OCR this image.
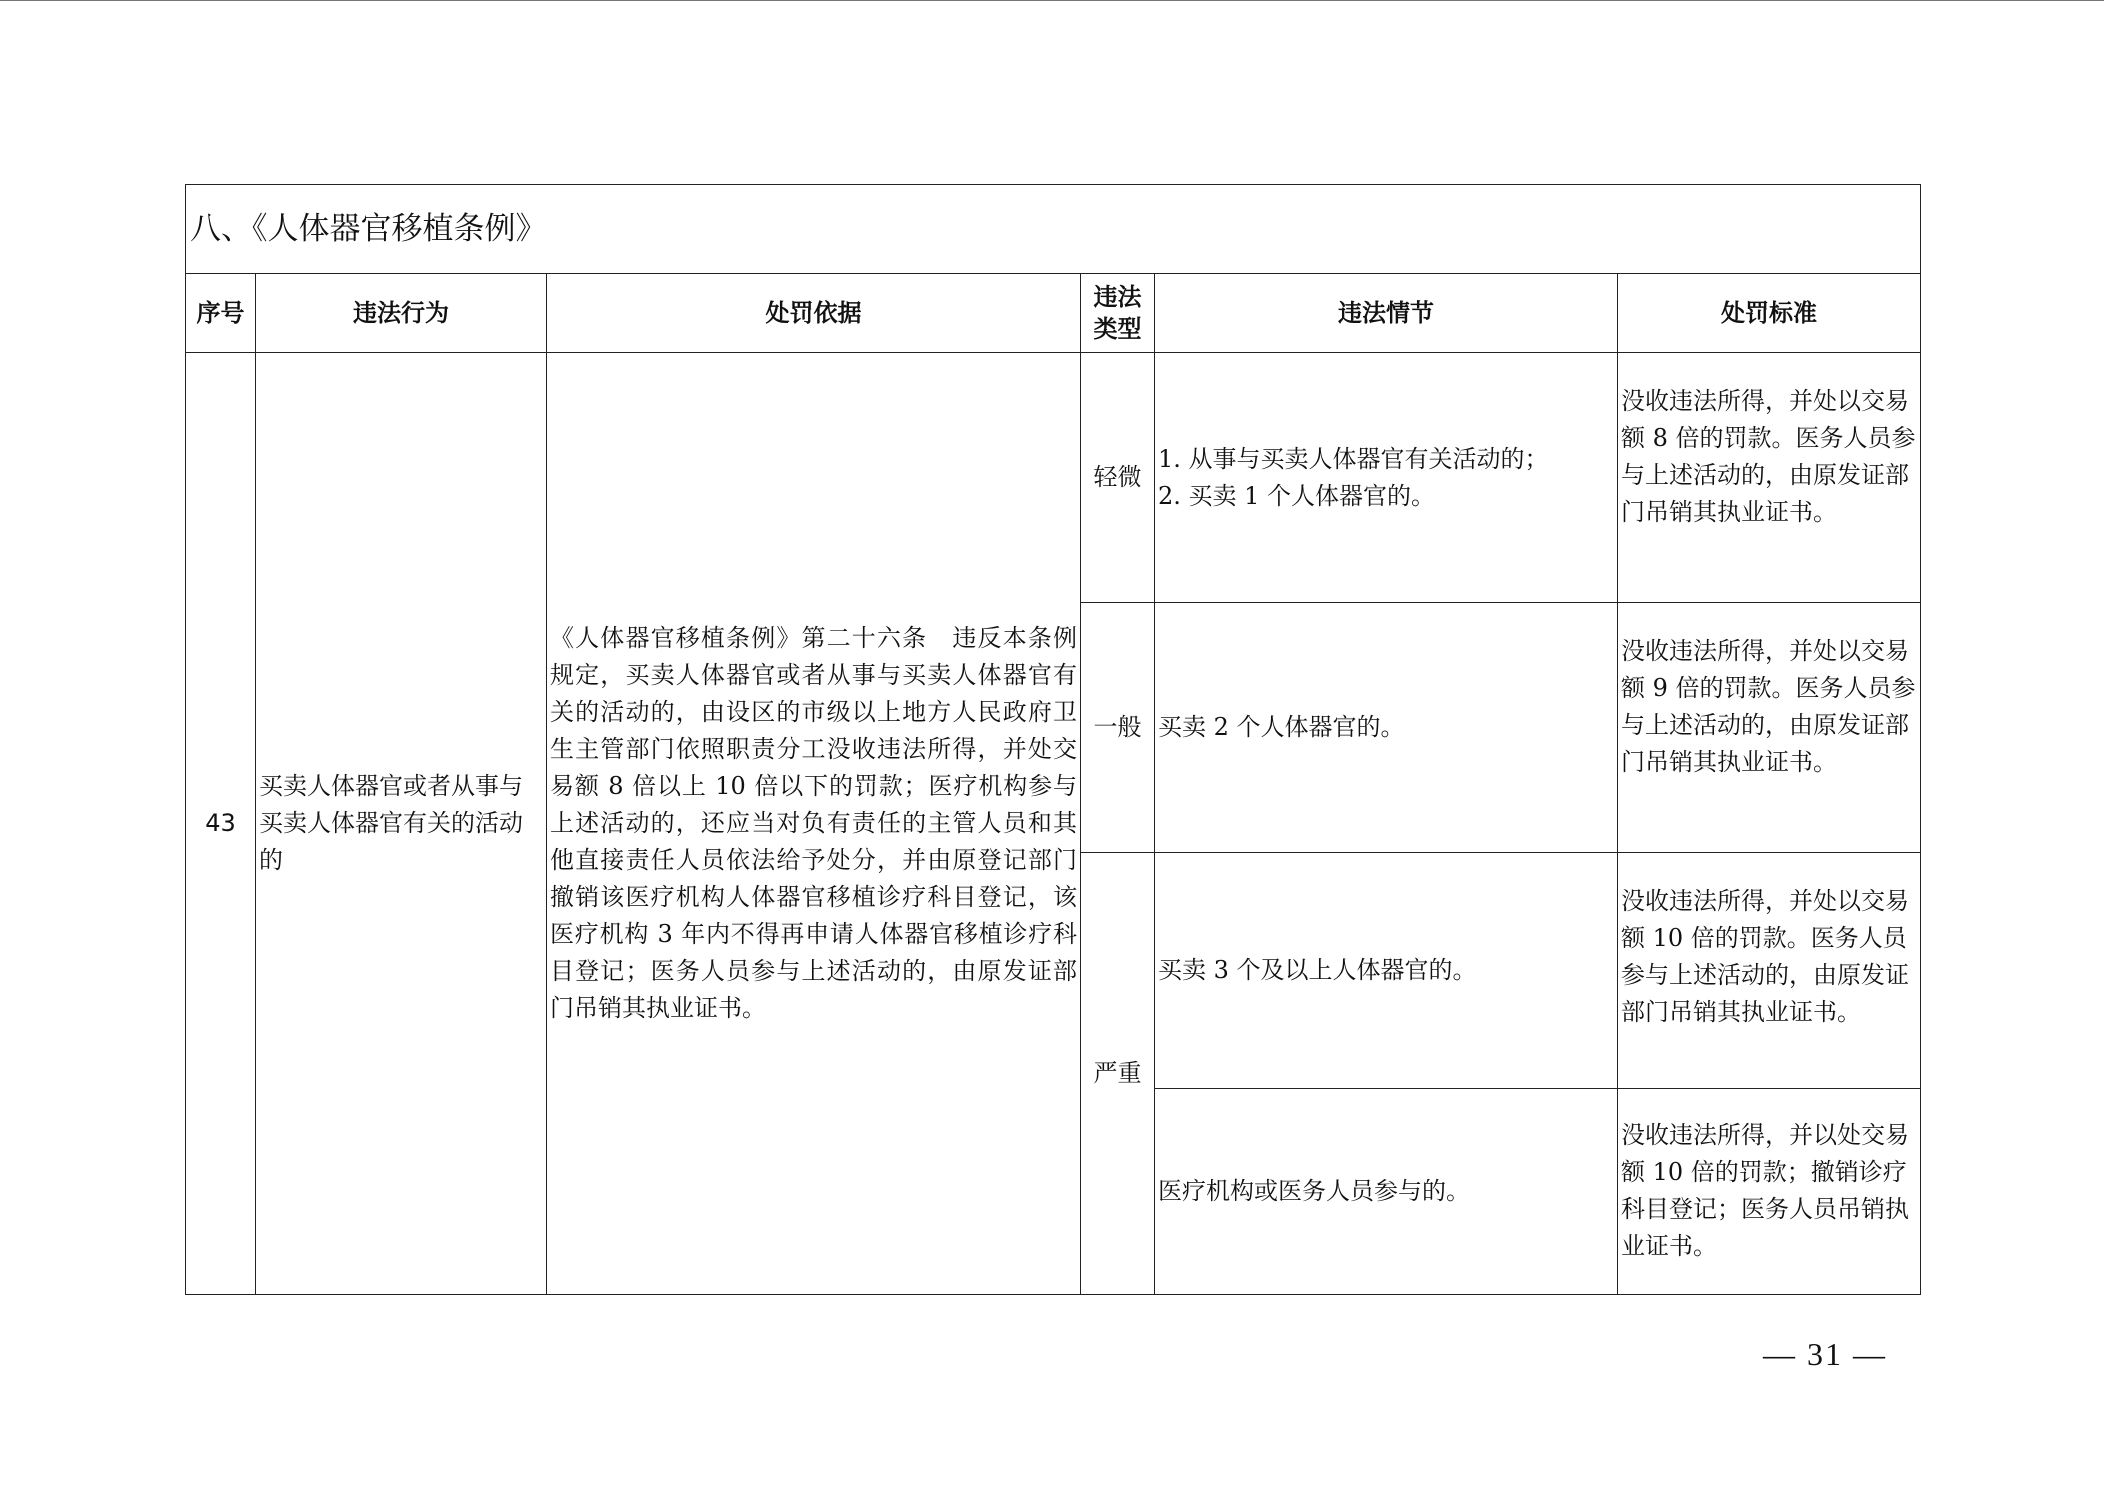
八、《人体器官移植条例》					
序号	违法行为	处罚依据	违法类型	违法情节	处罚标准
43	买卖人体器官或者从事与买卖人体器官有关的活动的	《人体器官移植条例》第二十六条　违反本条例规定，买卖人体器官或者从事与买卖人体器官有关的活动的，由设区的市级以上地方人民政府卫生主管部门依照职责分工没收违法所得，并处交易额 8 倍以上 10 倍以下的罚款；医疗机构参与上述活动的，还应当对负有责任的主管人员和其他直接责任人员依法给予处分，并由原登记部门撤销该医疗机构人体器官移植诊疗科目登记，该医疗机构 3 年内不得再申请人体器官移植诊疗科目登记；医务人员参与上述活动的，由原发证部门吊销其执业证书。	轻微	1. 从事与买卖人体器官有关活动的；
2. 买卖 1 个人体器官的。	没收违法所得，并处以交易额 8 倍的罚款。医务人员参与上述活动的，由原发证部门吊销其执业证书。
			一般	买卖 2 个人体器官的。	没收违法所得，并处以交易额 9 倍的罚款。医务人员参与上述活动的，由原发证部门吊销其执业证书。
			严重	买卖 3 个及以上人体器官的。	没收违法所得，并处以交易额 10 倍的罚款。医务人员参与上述活动的，由原发证部门吊销其执业证书。

				医疗机构或医务人员参与的。	没收违法所得，并以处交易额 10 倍的罚款；撤销诊疗科目登记；医务人员吊销执业证书。
— 31 —
